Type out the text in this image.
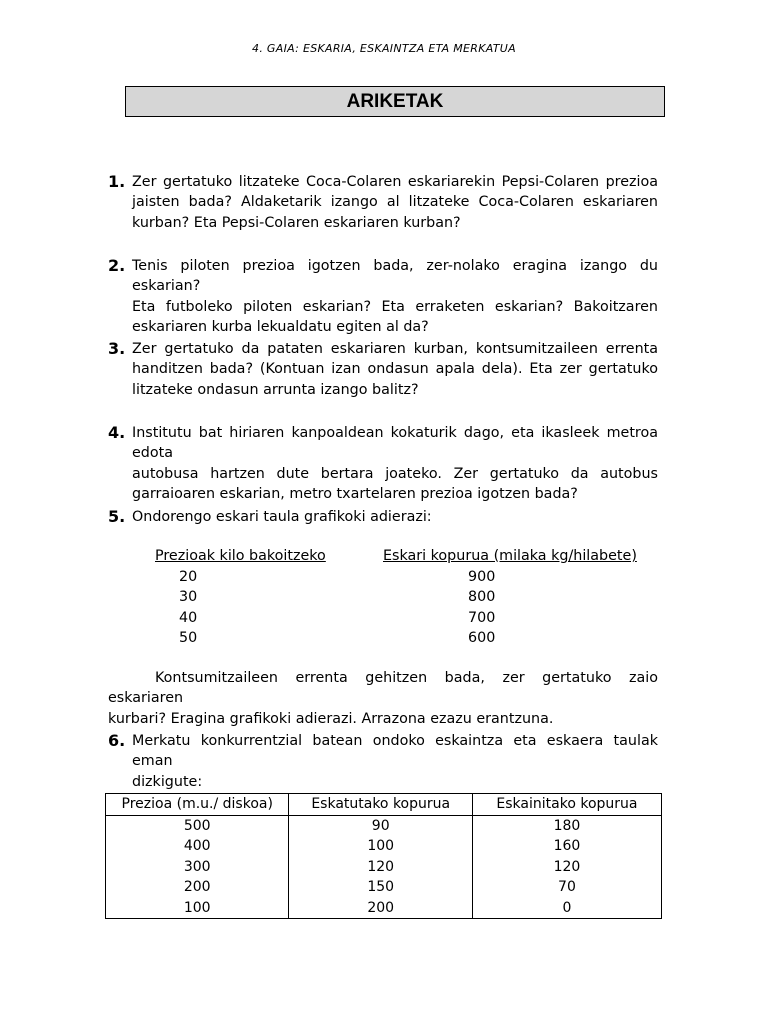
4. GAIA: ESKARIA, ESKAINTZA ETA MERKATUA
ARIKETAK
1. Zer gertatuko litzateke Coca-Colaren eskariarekin Pepsi-Colaren prezioa
jaisten bada? Aldaketarik izango al litzateke Coca-Colaren eskariaren
kurban? Eta Pepsi-Colaren eskariaren kurban?
2. Tenis piloten prezioa igotzen bada, zer-nolako eragina izango du eskarian?
Eta futboleko piloten eskarian? Eta erraketen eskarian? Bakoitzaren
eskariaren kurba lekualdatu egiten al da?
3. Zer gertatuko da pataten eskariaren kurban, kontsumitzaileen errenta
handitzen bada? (Kontuan izan ondasun apala dela). Eta zer gertatuko
litzateke ondasun arrunta izango balitz?
4. Institutu bat hiriaren kanpoaldean kokaturik dago, eta ikasleek metroa edota
autobusa hartzen dute bertara joateko. Zer gertatuko da autobus
garraioaren eskarian, metro txartelaren prezioa igotzen bada?
5. Ondorengo eskari taula grafikoki adierazi:
6. Merkatu konkurrentzial batean ondoko eskaintza eta eskaera taulak eman
dizkigute:
Prezioak kilo bakoitzeko	Eskari kopurua (milaka kg/hilabete)
20	900
30	800
40	700
50	600
Kontsumitzaileen errenta gehitzen bada, zer gertatuko zaio eskariaren
kurbari? Eragina grafikoki adierazi. Arrazona ezazu erantzuna.
Prezioa (m.u./ diskoa)	Eskatutako kopurua	Eskainitako kopurua
500	90	180
400	100	160
300	120	120
200	150	70
100	200	0
